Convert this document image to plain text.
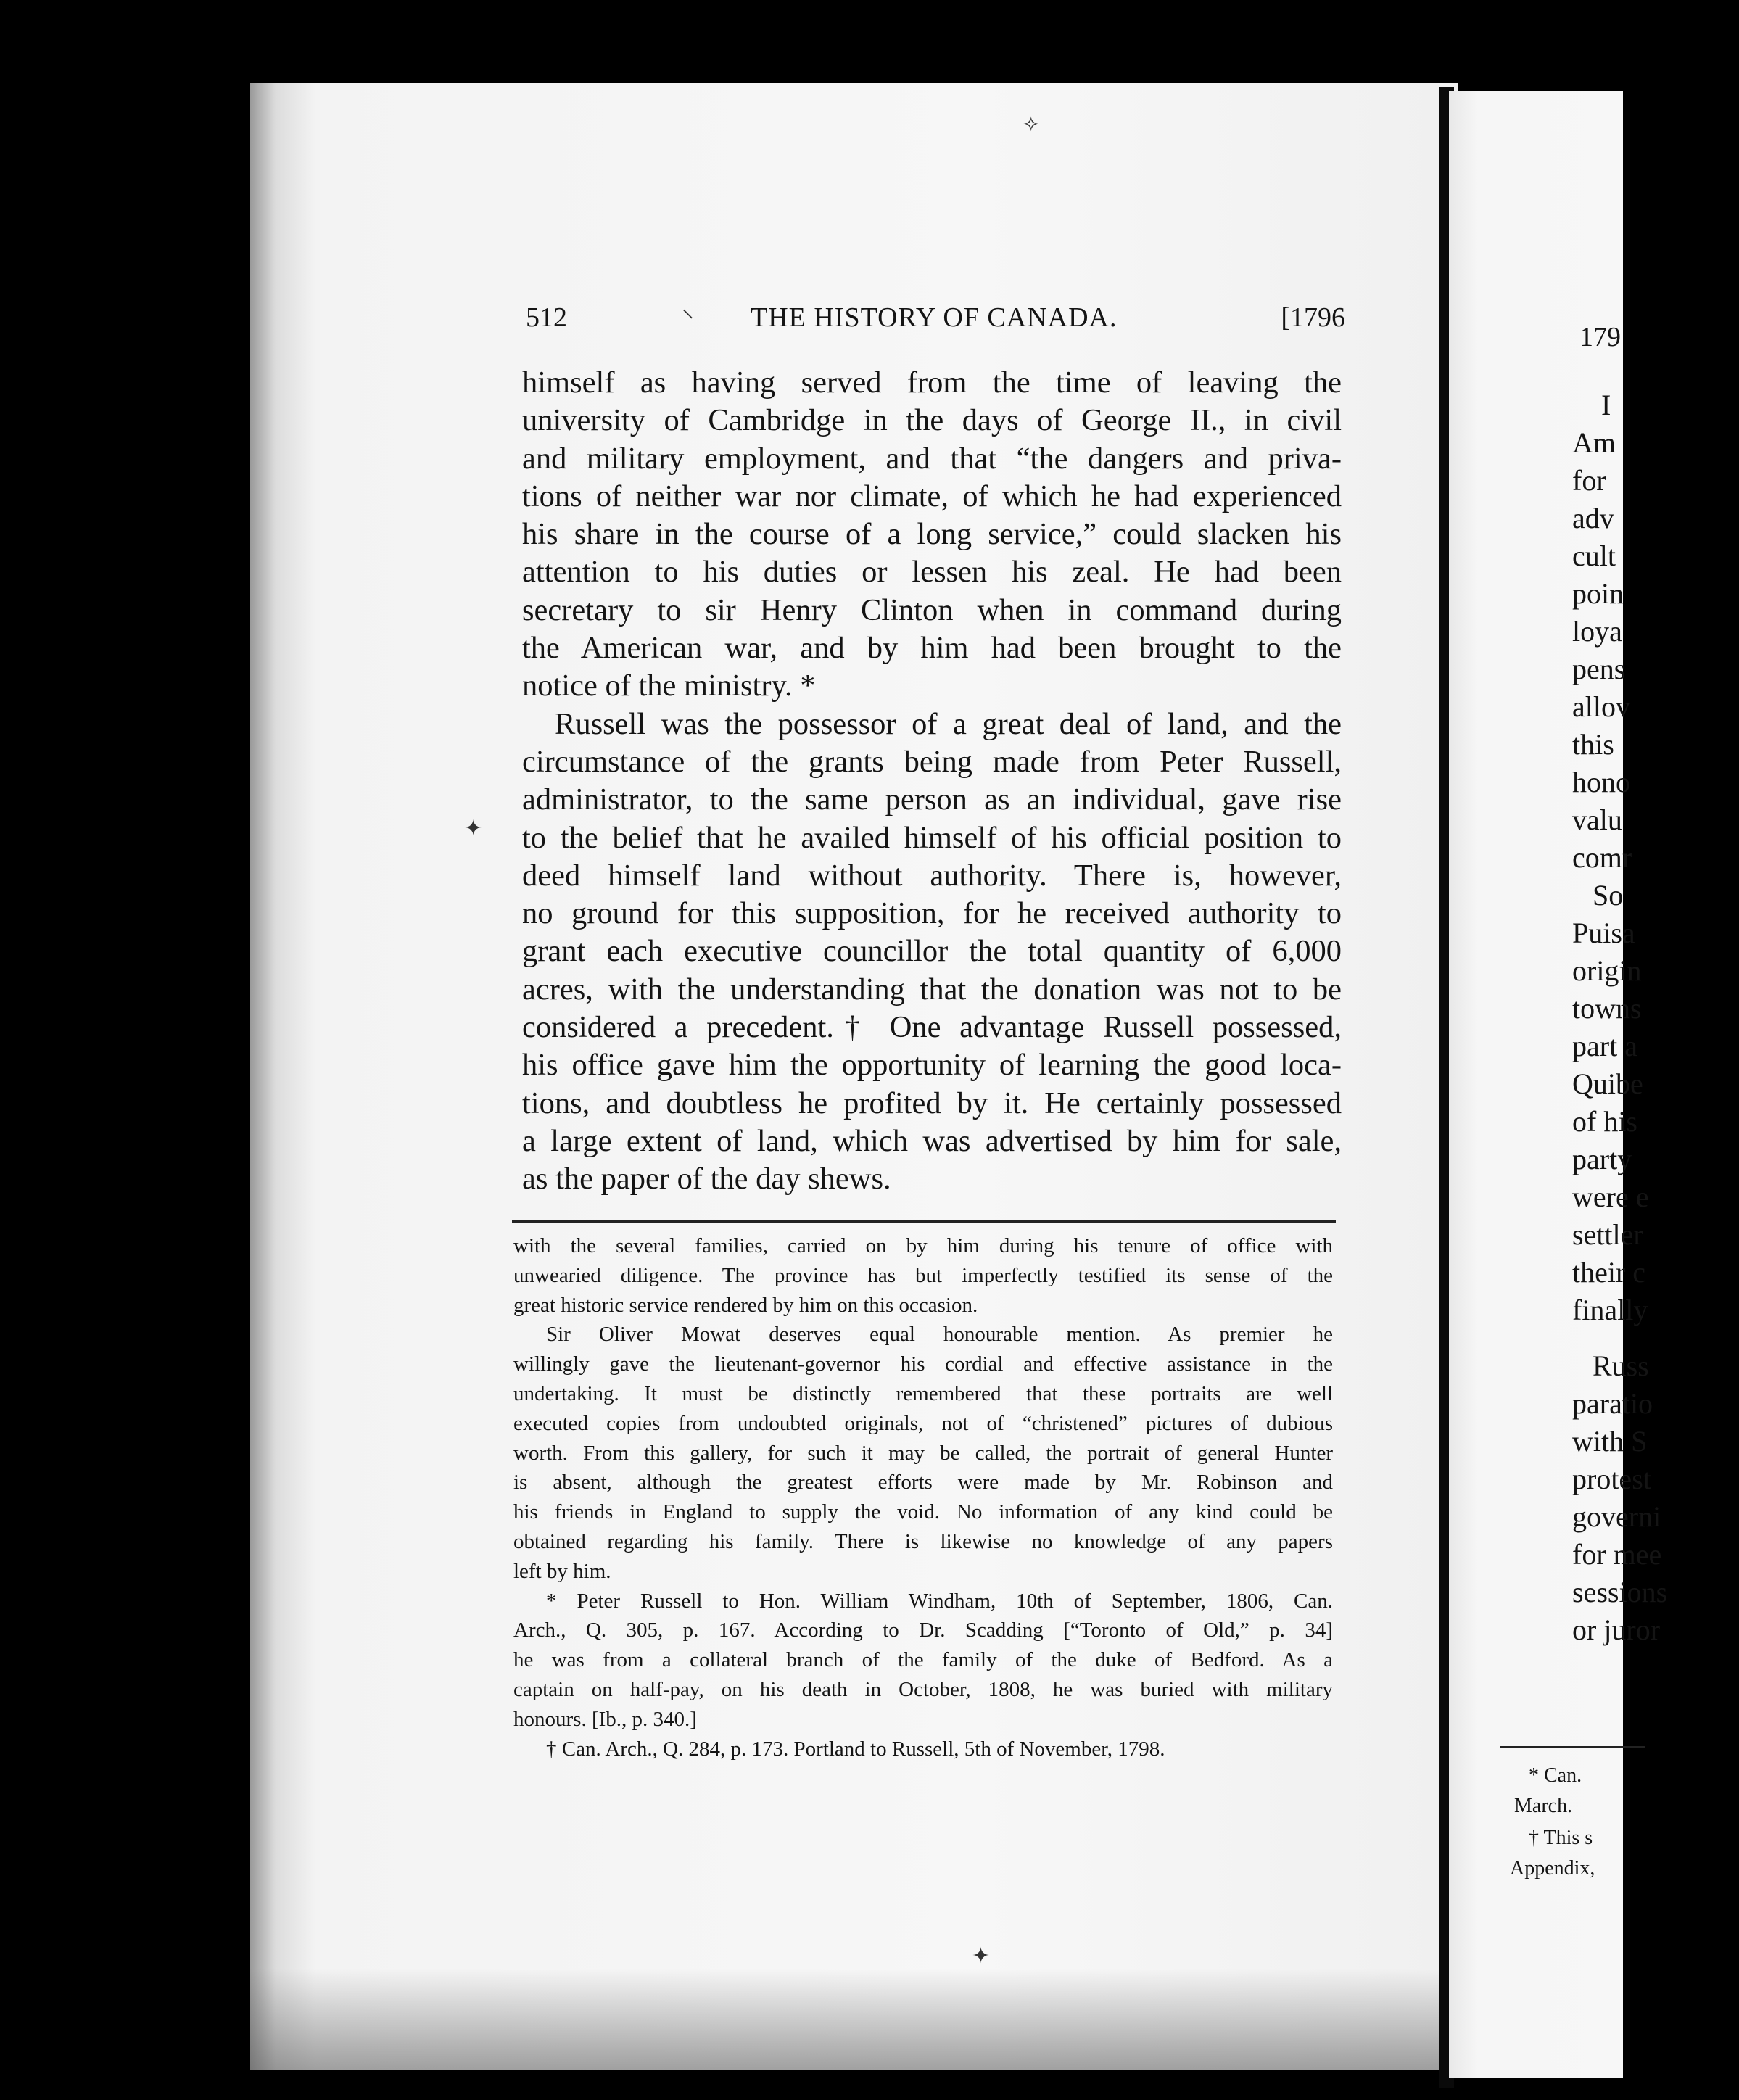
179
I
Am
for
adv
cult
poin
loya
pens
allov
this
hono
valu
comr
So
Puisa
origin
towns
part a
Quibe
of his
party
were e
settler
their c
finally
Russ
paratio
with S
protest
governi
for mee
sessions
or juror
* Can.
March.
† This s
Appendix,
512	THE HISTORY OF CANADA.	[1796
himself as having served from the time of leaving the
university of Cambridge in the days of George II., in civil
and military employment, and that “the dangers and priva-
tions of neither war nor climate, of which he had experienced
his share in the course of a long service,” could slacken his
attention to his duties or lessen his zeal. He had been
secretary to sir Henry Clinton when in command during
the American war, and by him had been brought to the
notice of the ministry. *
Russell was the possessor of a great deal of land, and the
circumstance of the grants being made from Peter Russell,
administrator, to the same person as an individual, gave rise
to the belief that he availed himself of his official position to
deed himself land without authority. There is, however,
no ground for this supposition, for he received authority to
grant each executive councillor the total quantity of 6,000
acres, with the understanding that the donation was not to be
considered a precedent.† One advantage Russell possessed,
his office gave him the opportunity of learning the good loca-
tions, and doubtless he profited by it. He certainly possessed
a large extent of land, which was advertised by him for sale,
as the paper of the day shews.
with the several families, carried on by him during his tenure of office with
unwearied diligence. The province has but imperfectly testified its sense of the
great historic service rendered by him on this occasion.
Sir Oliver Mowat deserves equal honourable mention. As premier he
willingly gave the lieutenant-governor his cordial and effective assistance in the
undertaking. It must be distinctly remembered that these portraits are well
executed copies from undoubted originals, not of “christened” pictures of dubious
worth. From this gallery, for such it may be called, the portrait of general Hunter
is absent, although the greatest efforts were made by Mr. Robinson and
his friends in England to supply the void. No information of any kind could be
obtained regarding his family. There is likewise no knowledge of any papers
left by him.
* Peter Russell to Hon. William Windham, 10th of September, 1806, Can.
Arch., Q. 305, p. 167. According to Dr. Scadding [“Toronto of Old,” p. 34]
he was from a collateral branch of the family of the duke of Bedford. As a
captain on half-pay, on his death in October, 1808, he was buried with military
honours. [Ib., p. 340.]
† Can. Arch., Q. 284, p. 173. Portland to Russell, 5th of November, 1798.
⸌
✦
✦
✧
